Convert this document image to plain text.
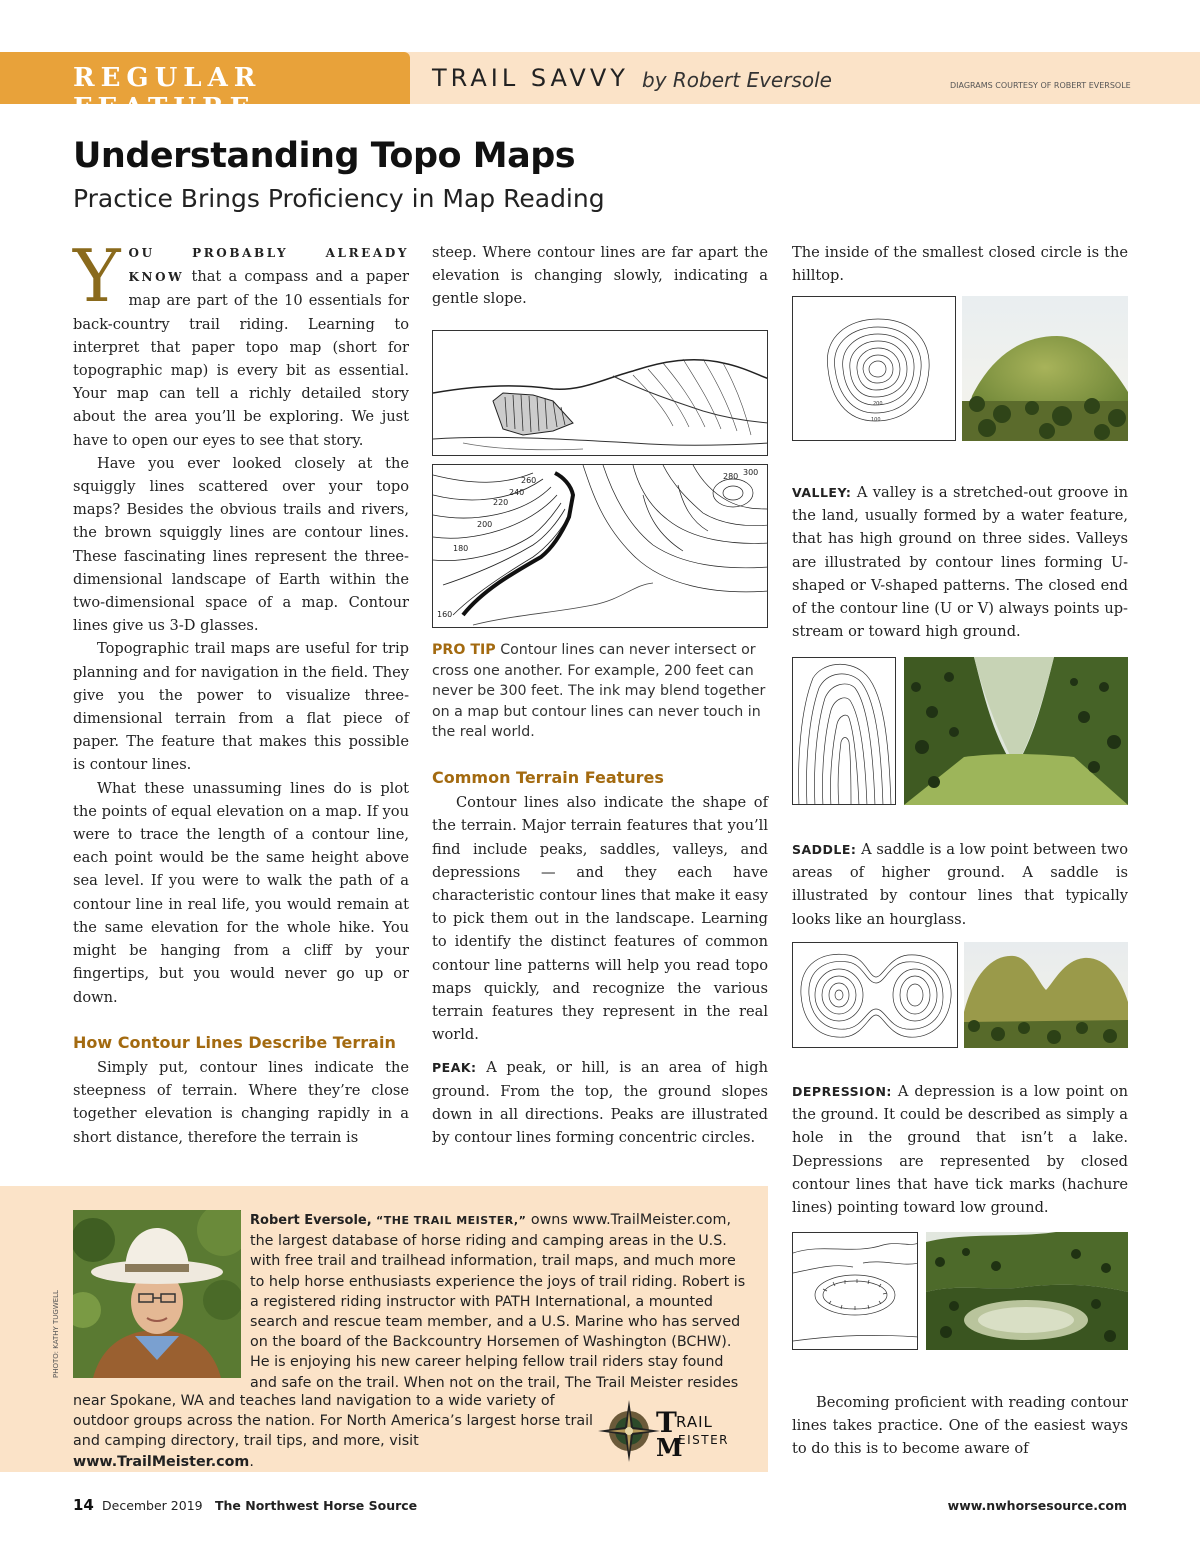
REGULAR FEATURE
TRAIL SAVVY by Robert Eversole	DIAGRAMS COURTESY OF ROBERT EVERSOLE
Understanding Topo Maps
Practice Brings Proficiency in Map Reading

YOU PROBABLY ALREADY KNOW that a compass and a paper map are part of the 10 essentials for back-country trail riding. Learning to interpret that paper topo map (short for topographic map) is every bit as essential. Your map can tell a richly detailed story about the area you’ll be exploring. We just have to open our eyes to see that story.

Have you ever looked closely at the squiggly lines scattered over your topo maps? Besides the obvious trails and rivers, the brown squiggly lines are contour lines. These fascinating lines represent the three-dimensional landscape of Earth within the two-dimensional space of a map. Contour lines give us 3-D glasses.

Topographic trail maps are useful for trip planning and for navigation in the field. They give you the power to visualize three-dimensional terrain from a flat piece of paper. The feature that makes this possible is contour lines.

What these unassuming lines do is plot the points of equal elevation on a map. If you were to trace the length of a contour line, each point would be the same height above sea level. If you were to walk the path of a contour line in real life, you would remain at the same elevation for the whole hike. You might be hanging from a cliff by your fingertips, but you would never go up or down.

How Contour Lines Describe Terrain

Simply put, contour lines indicate the steepness of terrain. Where they’re close together elevation is changing rapidly in a short distance, therefore the terrain is

steep. Where contour lines are far apart the elevation is changing slowly, indicating a gentle slope.

160
180
200
220
240
260	280 300
PRO TIP Contour lines can never intersect or cross one another. For example, 200 feet can never be 300 feet. The ink may blend together on a map but contour lines can never touch in the real world.
Common Terrain Features

Contour lines also indicate the shape of the terrain. Major terrain features that you’ll find include peaks, saddles, valleys, and depressions — and they each have characteristic contour lines that make it easy to pick them out in the landscape. Learning to identify the distinct features of common contour line patterns will help you read topo maps quickly, and recognize the various terrain features they represent in the real world.

PEAK: A peak, or hill, is an area of high ground. From the top, the ground slopes down in all directions. Peaks are illustrated by contour lines forming concentric circles.

The inside of the smallest closed circle is the hilltop.

200
100

VALLEY: A valley is a stretched-out groove in the land, usually formed by a water feature, that has high ground on three sides. Valleys are illustrated by contour lines forming U-shaped or V-shaped patterns. The closed end of the contour line (U or V) always points up-stream or toward high ground.

SADDLE: A saddle is a low point between two areas of higher ground. A saddle is illustrated by contour lines that typically looks like an hourglass.

DEPRESSION: A depression is a low point on the ground. It could be described as simply a hole in the ground that isn’t a lake. Depressions are represented by closed contour lines that have tick marks (hachure lines) pointing toward low ground.

Becoming proficient with reading contour lines takes practice. One of the easiest ways to do this is to become aware of

PHOTO: KATHY TUGWELL
Robert Eversole, “THE TRAIL MEISTER,” owns www.TrailMeister.com, the largest database of horse riding and camping areas in the U.S. with free trail and trailhead information, trail maps, and much more to help horse enthusiasts experience the joys of trail riding. Robert is a registered riding instructor with PATH International, a mounted search and rescue team member, and a U.S. Marine who has served on the board of the Backcountry Horsemen of Washington (BCHW). He is enjoying his new career helping fellow trail riders stay found and safe on the trail. When not on the trail, The Trail Meister resides
near Spokane, WA and teaches land navigation to a wide variety of outdoor groups across the nation. For North America’s largest horse trail and camping directory, trail tips, and more, visit www.TrailMeister.com.
T RAIL
M
EISTER
14 December 2019 The Northwest Horse Source	www.nwhorsesource.com
